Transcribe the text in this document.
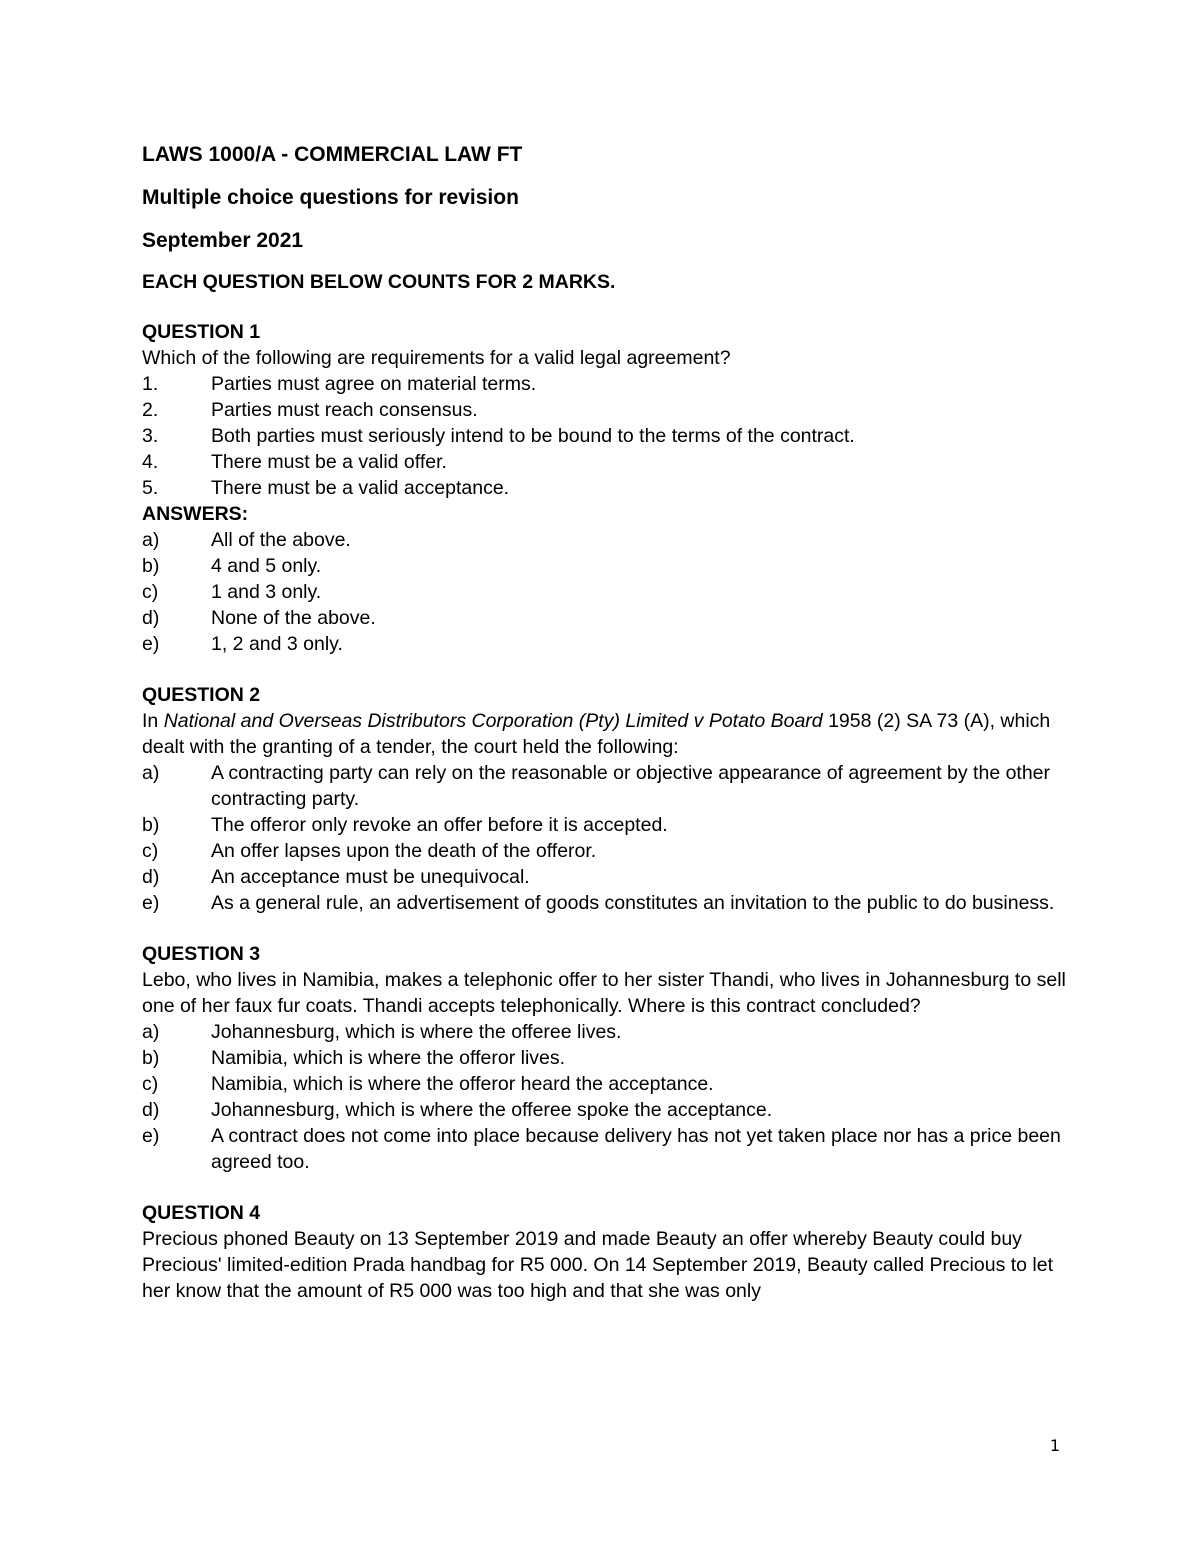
LAWS 1000/A - COMMERCIAL LAW FT
Multiple choice questions for revision
September 2021
EACH QUESTION BELOW COUNTS FOR 2 MARKS.
QUESTION 1
Which of the following are requirements for a valid legal agreement?
1.	Parties must agree on material terms.
2.	Parties must reach consensus.
3.	Both parties must seriously intend to be bound to the terms of the contract.
4.	There must be a valid offer.
5.	There must be a valid acceptance.
ANSWERS:
a)	All of the above.
b)	4 and 5 only.
c)	1 and 3 only.
d)	None of the above.
e)	1, 2 and 3 only.
QUESTION 2
In National and Overseas Distributors Corporation (Pty) Limited v Potato Board 1958 (2) SA 73 (A), which dealt with the granting of a tender, the court held the following:
a)	A contracting party can rely on the reasonable or objective appearance of agreement by the other contracting party.
b)	The offeror only revoke an offer before it is accepted.
c)	An offer lapses upon the death of the offeror.
d)	An acceptance must be unequivocal.
e)	As a general rule, an advertisement of goods constitutes an invitation to the public to do business.
QUESTION 3
Lebo, who lives in Namibia, makes a telephonic offer to her sister Thandi, who lives in Johannesburg to sell one of her faux fur coats. Thandi accepts telephonically. Where is this contract concluded?
a)	Johannesburg, which is where the offeree lives.
b)	Namibia, which is where the offeror lives.
c)	Namibia, which is where the offeror heard the acceptance.
d)	Johannesburg, which is where the offeree spoke the acceptance.
e)	A contract does not come into place because delivery has not yet taken place nor has a price been agreed too.
QUESTION 4
Precious phoned Beauty on 13 September 2019 and made Beauty an offer whereby Beauty could buy Precious' limited-edition Prada handbag for R5 000. On 14 September 2019, Beauty called Precious to let her know that the amount of R5 000 was too high and that she was only
1
